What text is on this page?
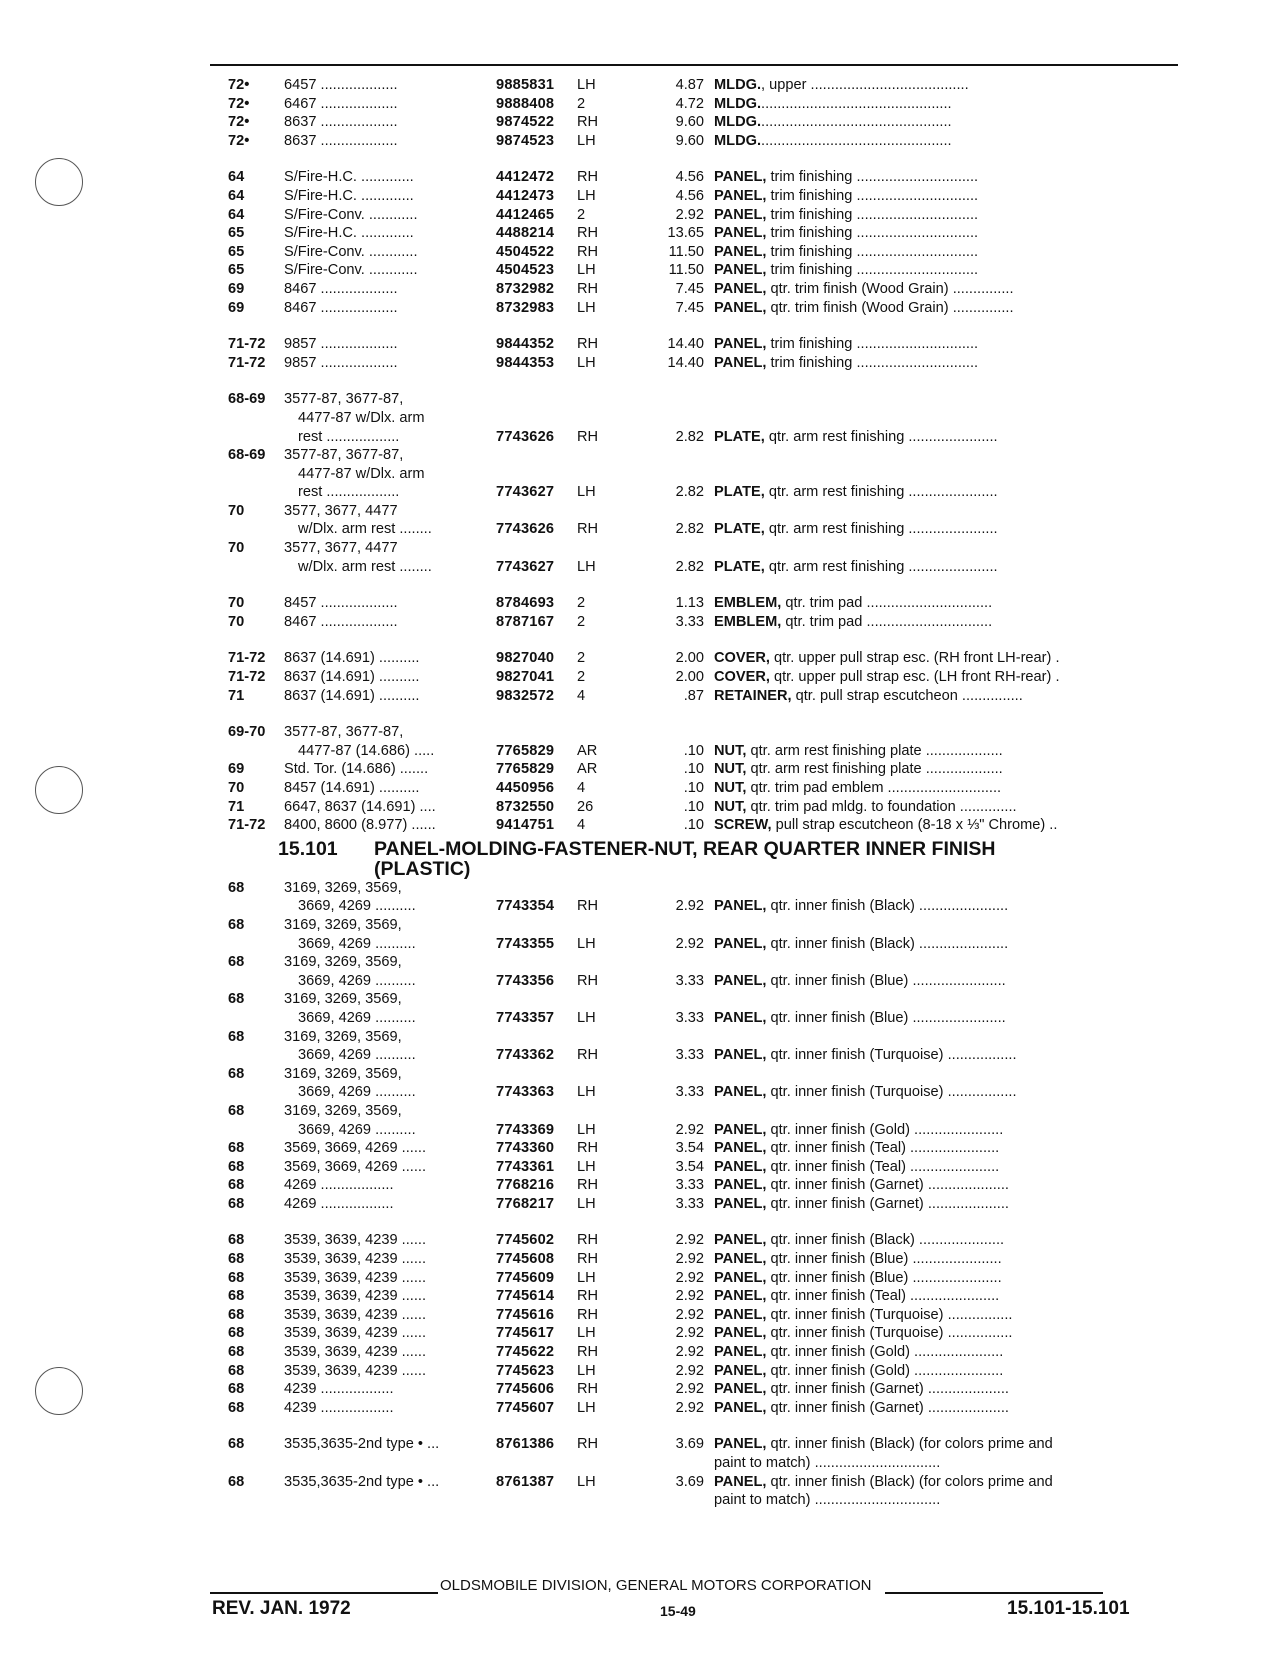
72• 6457 ...................	9885831 LH	4.87 MLDG., upper .......................................
72• 6467 ...................	9888408 2	4.72 MLDG................................................
72• 8637 ...................	9874522 RH	9.60 MLDG................................................
72• 8637 ...................	9874523 LH	9.60 MLDG................................................
64	S/Fire-H.C. .............	4412472 RH	4.56 PANEL, trim finishing ..............................
64	S/Fire-H.C. .............	4412473 LH	4.56 PANEL, trim finishing ..............................
64	S/Fire-Conv. ............	4412465 2	2.92 PANEL, trim finishing ..............................
65	S/Fire-H.C. .............	4488214 RH	13.65 PANEL, trim finishing ..............................
65	S/Fire-Conv. ............	4504522 RH	11.50 PANEL, trim finishing ..............................
65	S/Fire-Conv. ............	4504523 LH	11.50 PANEL, trim finishing ..............................
69	8467 ...................	8732982 RH	7.45 PANEL, qtr. trim finish (Wood Grain) ...............
69	8467 ...................	8732983 LH	7.45 PANEL, qtr. trim finish (Wood Grain) ...............
71-72 9857 ...................	9844352 RH	14.40 PANEL, trim finishing ..............................
71-72 9857 ...................	9844353 LH	14.40 PANEL, trim finishing ..............................
68-69 3577-87, 3677-87,
4477-87 w/Dlx. arm
rest ..................	7743626 RH	2.82 PLATE, qtr. arm rest finishing ......................
68-69 3577-87, 3677-87,
4477-87 w/Dlx. arm
rest ..................	7743627 LH	2.82 PLATE, qtr. arm rest finishing ......................
70	3577, 3677, 4477
w/Dlx. arm rest ........	7743626 RH	2.82 PLATE, qtr. arm rest finishing ......................
70	3577, 3677, 4477
w/Dlx. arm rest ........	7743627 LH	2.82 PLATE, qtr. arm rest finishing ......................
70	8457 ...................	8784693 2	1.13 EMBLEM, qtr. trim pad ...............................
70	8467 ...................	8787167 2	3.33 EMBLEM, qtr. trim pad ...............................
71-72 8637 (14.691) ..........	9827040 2	2.00 COVER, qtr. upper pull strap esc. (RH front LH-rear) .
71-72 8637 (14.691) ..........	9827041 2	2.00 COVER, qtr. upper pull strap esc. (LH front RH-rear) .
71	8637 (14.691) ..........	9832572 4	.87 RETAINER, qtr. pull strap escutcheon ...............
69-70 3577-87, 3677-87,
4477-87 (14.686) .....	7765829 AR	.10 NUT, qtr. arm rest finishing plate ...................
69	Std. Tor. (14.686) .......	7765829 AR	.10 NUT, qtr. arm rest finishing plate ...................
70	8457 (14.691) ..........	4450956 4	.10 NUT, qtr. trim pad emblem ............................
71	6647, 8637 (14.691) ....	8732550 26	.10 NUT, qtr. trim pad mldg. to foundation ..............
71-72 8400, 8600 (8.977) ......	9414751 4	.10 SCREW, pull strap escutcheon (8-18 x ⅓" Chrome) ..
15.101 PANEL-MOLDING-FASTENER-NUT, REAR QUARTER INNER FINISH (PLASTIC)
68	3169, 3269, 3569,
3669, 4269 ..........	7743354 RH	2.92 PANEL, qtr. inner finish (Black) ......................
68	3169, 3269, 3569,
3669, 4269 ..........	7743355 LH	2.92 PANEL, qtr. inner finish (Black) ......................
68	3169, 3269, 3569,
3669, 4269 ..........	7743356 RH	3.33 PANEL, qtr. inner finish (Blue) .......................
68	3169, 3269, 3569,
3669, 4269 ..........	7743357 LH	3.33 PANEL, qtr. inner finish (Blue) .......................
68	3169, 3269, 3569,
3669, 4269 ..........	7743362 RH	3.33 PANEL, qtr. inner finish (Turquoise) .................
68	3169, 3269, 3569,
3669, 4269 ..........	7743363 LH	3.33 PANEL, qtr. inner finish (Turquoise) .................
68	3169, 3269, 3569,
3669, 4269 ..........	7743369 LH	2.92 PANEL, qtr. inner finish (Gold) ......................
68	3569, 3669, 4269 ......	7743360 RH	3.54 PANEL, qtr. inner finish (Teal) ......................
68	3569, 3669, 4269 ......	7743361 LH	3.54 PANEL, qtr. inner finish (Teal) ......................
68	4269 ..................	7768216 RH	3.33 PANEL, qtr. inner finish (Garnet) ....................
68	4269 ..................	7768217 LH	3.33 PANEL, qtr. inner finish (Garnet) ....................
68	3539, 3639, 4239 ......	7745602 RH	2.92 PANEL, qtr. inner finish (Black) .....................
68	3539, 3639, 4239 ......	7745608 RH	2.92 PANEL, qtr. inner finish (Blue) ......................
68	3539, 3639, 4239 ......	7745609 LH	2.92 PANEL, qtr. inner finish (Blue) ......................
68	3539, 3639, 4239 ......	7745614 RH	2.92 PANEL, qtr. inner finish (Teal) ......................
68	3539, 3639, 4239 ......	7745616 RH	2.92 PANEL, qtr. inner finish (Turquoise) ................
68	3539, 3639, 4239 ......	7745617 LH	2.92 PANEL, qtr. inner finish (Turquoise) ................
68	3539, 3639, 4239 ......	7745622 RH	2.92 PANEL, qtr. inner finish (Gold) ......................
68	3539, 3639, 4239 ......	7745623 LH	2.92 PANEL, qtr. inner finish (Gold) ......................
68	4239 ..................	7745606 RH	2.92 PANEL, qtr. inner finish (Garnet) ....................
68	4239 ..................	7745607 LH	2.92 PANEL, qtr. inner finish (Garnet) ....................
68	3535,3635-2nd type • ...	8761386 RH	3.69 PANEL, qtr. inner finish (Black) (for colors prime and
paint to match) ...............................
68	3535,3635-2nd type • ...	8761387 LH	3.69 PANEL, qtr. inner finish (Black) (for colors prime and
paint to match) ...............................
OLDSMOBILE DIVISION, GENERAL MOTORS CORPORATION
REV. JAN. 1972	15-49	15.101-15.101
